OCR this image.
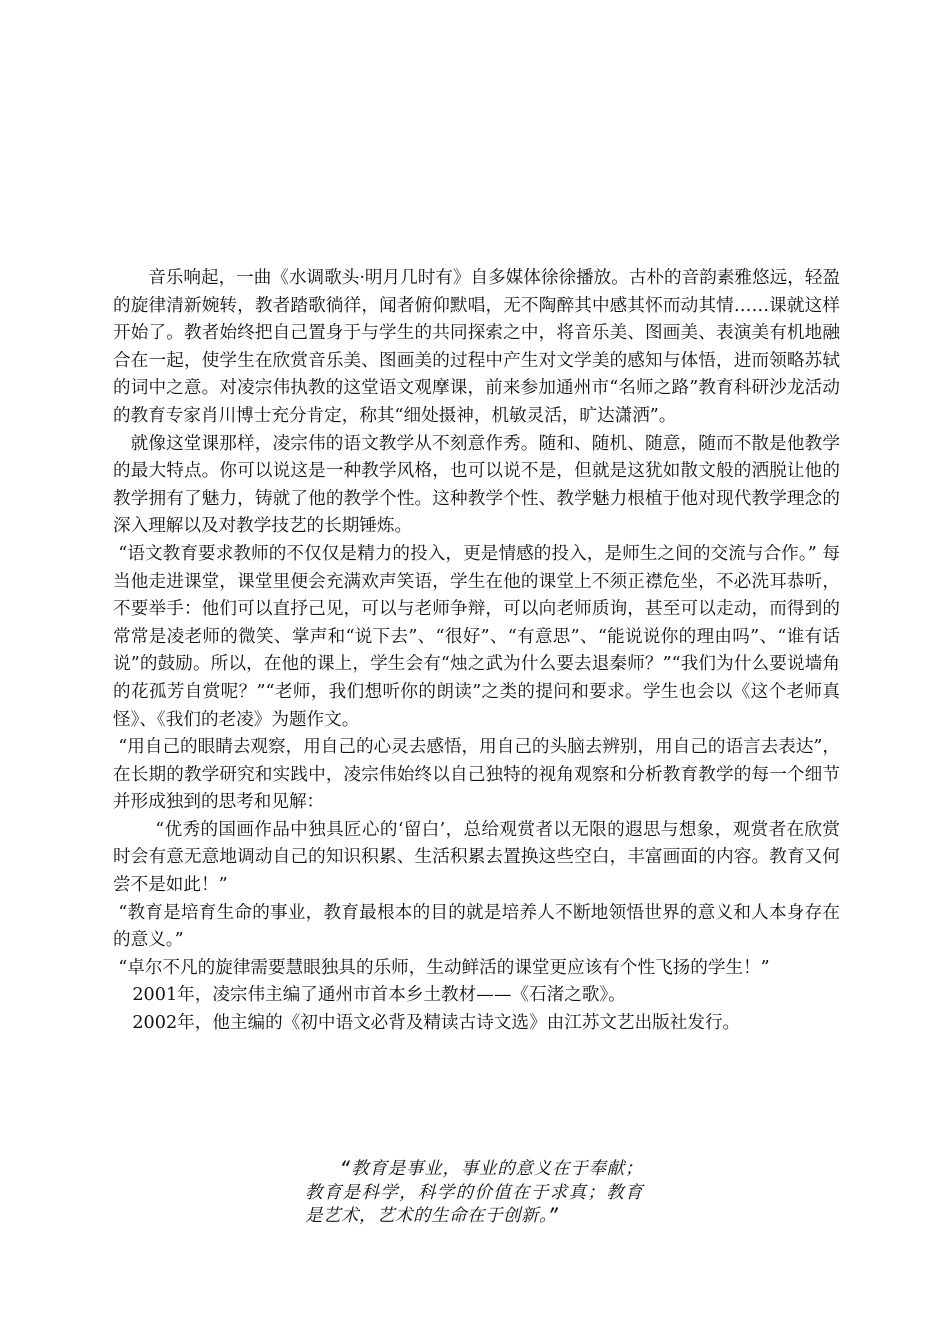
音乐响起，一曲《水调歌头·明月几时有》自多媒体徐徐播放。古朴的音韵素雅悠远，轻盈的旋律清新婉转，教者踏歌徜徉，闻者俯仰默唱，无不陶醉其中感其怀而动其情……课就这样开始了。教者始终把自己置身于与学生的共同探索之中，将音乐美、图画美、表演美有机地融合在一起，使学生在欣赏音乐美、图画美的过程中产生对文学美的感知与体悟，进而领略苏轼的词中之意。对凌宗伟执教的这堂语文观摩课，前来参加通州市“名师之路”教育科研沙龙活动的教育专家肖川博士充分肯定，称其“细处摄神，机敏灵活，旷达潇洒”。

就像这堂课那样，凌宗伟的语文教学从不刻意作秀。随和、随机、随意，随而不散是他教学的最大特点。你可以说这是一种教学风格，也可以说不是，但就是这犹如散文般的洒脱让他的教学拥有了魅力，铸就了他的教学个性。这种教学个性、教学魅力根植于他对现代教学理念的深入理解以及对教学技艺的长期锤炼。

“语文教育要求教师的不仅仅是精力的投入，更是情感的投入，是师生之间的交流与合作。” 每当他走进课堂，课堂里便会充满欢声笑语，学生在他的课堂上不须正襟危坐，不必洗耳恭听，不要举手：他们可以直抒己见，可以与老师争辩，可以向老师质询，甚至可以走动，而得到的常常是凌老师的微笑、掌声和“说下去”、“很好”、“有意思”、“能说说你的理由吗”、“谁有话说”的鼓励。所以，在他的课上，学生会有“烛之武为什么要去退秦师？”“我们为什么要说墙角的花孤芳自赏呢？”“老师，我们想听你的朗读”之类的提问和要求。学生也会以《这个老师真怪》、《我们的老凌》为题作文。

“用自己的眼睛去观察，用自己的心灵去感悟，用自己的头脑去辨别，用自己的语言去表达”，在长期的教学研究和实践中，凌宗伟始终以自己独特的视角观察和分析教育教学的每一个细节并形成独到的思考和见解：

“优秀的国画作品中独具匠心的‘留白’，总给观赏者以无限的遐思与想象，观赏者在欣赏时会有意无意地调动自己的知识积累、生活积累去置换这些空白，丰富画面的内容。教育又何尝不是如此！”

“教育是培育生命的事业，教育最根本的目的就是培养人不断地领悟世界的意义和人本身存在的意义。”

“卓尔不凡的旋律需要慧眼独具的乐师，生动鲜活的课堂更应该有个性飞扬的学生！”

2001年，凌宗伟主编了通州市首本乡土教材——《石渚之歌》。

2002年，他主编的《初中语文必背及精读古诗文选》由江苏文艺出版社发行。

“教育是事业，事业的意义在于奉献；教育是科学，科学的价值在于求真；教育是艺术，艺术的生命在于创新。”
